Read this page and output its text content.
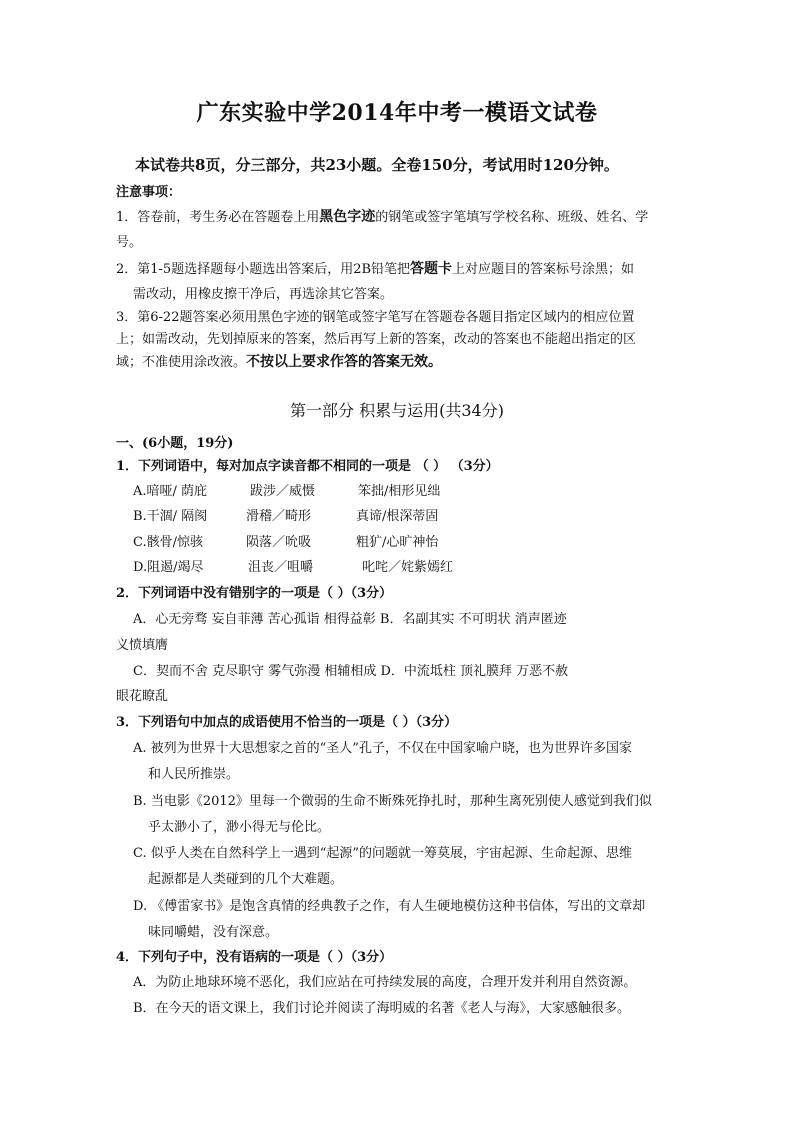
广东实验中学2014年中考一模语文试卷
本试卷共8页，分三部分，共23小题。全卷150分，考试用时120分钟。
注意事项：
1．答卷前，考生务必在答题卷上用黑色字迹的钢笔或签字笔填写学校名称、班级、姓名、学
号。
2．第1-5题选择题每小题选出答案后，用2B铅笔把答题卡上对应题目的答案标号涂黑；如
需改动，用橡皮擦干净后，再选涂其它答案。
3．第6-22题答案必须用黑色字迹的钢笔或签字笔写在答题卷各题目指定区域内的相应位置
上；如需改动，先划掉原来的答案，然后再写上新的答案，改动的答案也不能超出指定的区
域；不准使用涂改液。不按以上要求作答的答案无效。
第一部分 积累与运用(共34分)
一、(6小题，19分)
1．下列词语中，每对加点字读音都不相同的一项是 （ ） （3分）
A.喑哑/ 荫庇	跋涉／威慑	笨拙/相形见绌
B.干涸/ 隔阂	滑稽／畸形	真谛/根深蒂固
C.骸骨/惊骇	陨落／吮吸	粗犷/心旷神怡
D.阻遏/竭尽	沮丧／咀嚼	叱咤／姹紫嫣红
2．下列词语中没有错别字的一项是（ ）（3分）
A．心无旁骛 妄自菲薄 苦心孤诣 相得益彰 B．名副其实 不可明状 消声匿迹
义愤填膺
C．契而不舍 克尽职守 雾气弥漫 相辅相成 D．中流坻柱 顶礼膜拜 万恶不赦
眼花瞭乱
3．下列语句中加点的成语使用不恰当的一项是（ ）（3分）
A. 被列为世界十大思想家之首的“圣人”孔子，不仅在中国家喻户晓，也为世界许多国家
和人民所推崇。
B. 当电影《2012》里每一个微弱的生命不断殊死挣扎时，那种生离死别使人感觉到我们似
乎太渺小了，渺小得无与伦比。
C. 似乎人类在自然科学上一遇到“起源”的问题就一筹莫展，宇宙起源、生命起源、思维
起源都是人类碰到的几个大难题。
D. 《傅雷家书》是饱含真情的经典教子之作，有人生硬地模仿这种书信体，写出的文章却
味同嚼蜡，没有深意。
4．下列句子中，没有语病的一项是（ ）（3分）
A．为防止地球环境不恶化，我们应站在可持续发展的高度，合理开发并利用自然资源。
B．在今天的语文课上，我们讨论并阅读了海明威的名著《老人与海》，大家感触很多。
